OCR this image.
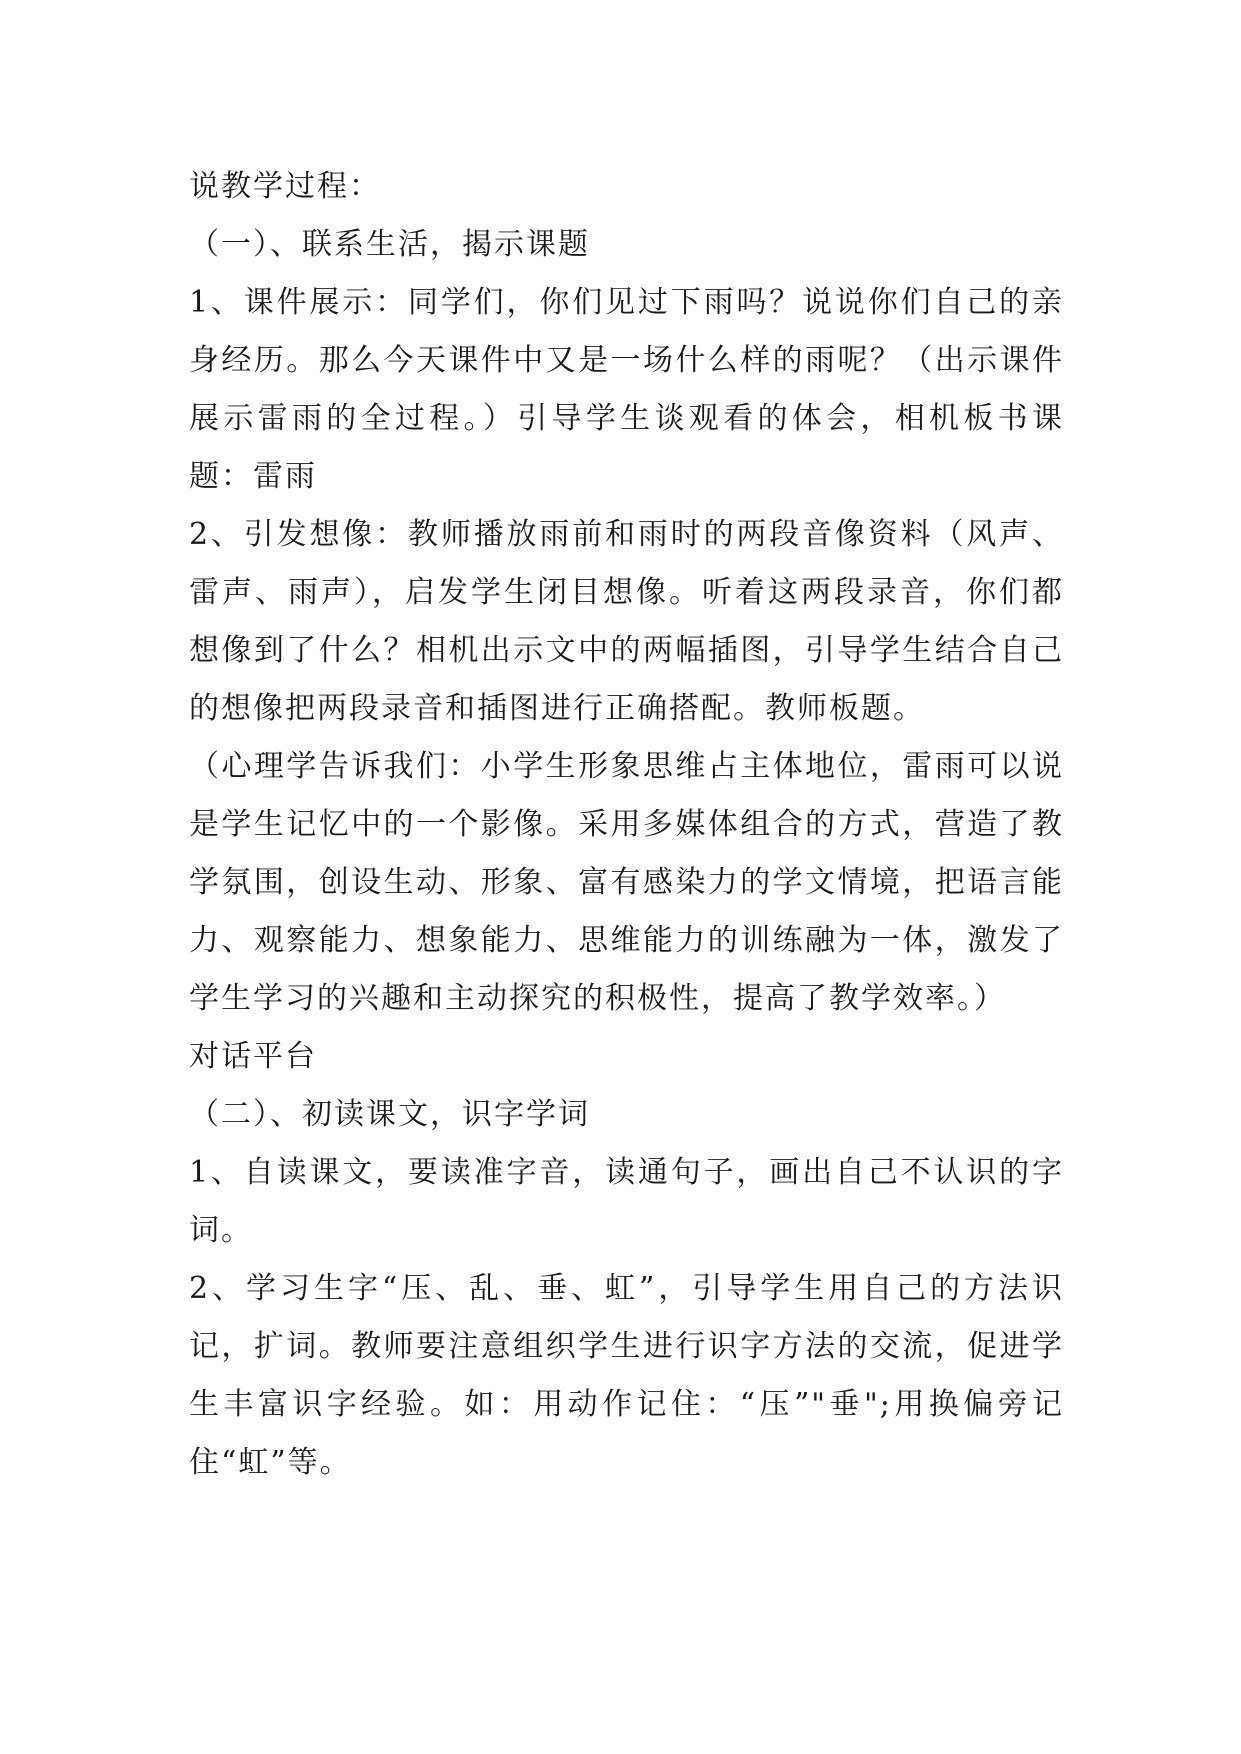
说教学过程：

（一）、联系生活，揭示课题

1、课件展示：同学们，你们见过下雨吗？说说你们自己的亲身经历。那么今天课件中又是一场什么样的雨呢？（出示课件展示雷雨的全过程。）引导学生谈观看的体会，相机板书课题：雷雨

2、引发想像：教师播放雨前和雨时的两段音像资料（风声、雷声、雨声），启发学生闭目想像。听着这两段录音，你们都想像到了什么？相机出示文中的两幅插图，引导学生结合自己的想像把两段录音和插图进行正确搭配。教师板题。

（心理学告诉我们：小学生形象思维占主体地位，雷雨可以说是学生记忆中的一个影像。采用多媒体组合的方式，营造了教学氛围，创设生动、形象、富有感染力的学文情境，把语言能力、观察能力、想象能力、思维能力的训练融为一体，激发了学生学习的兴趣和主动探究的积极性，提高了教学效率。）

对话平台

（二）、初读课文，识字学词

1、自读课文，要读准字音，读通句子，画出自己不认识的字词。

2、学习生字“压、乱、垂、虹”，引导学生用自己的方法识记，扩词。教师要注意组织学生进行识字方法的交流，促进学生丰富识字经验。如：用动作记住：“压”"垂";用换偏旁记住“虹”等。
